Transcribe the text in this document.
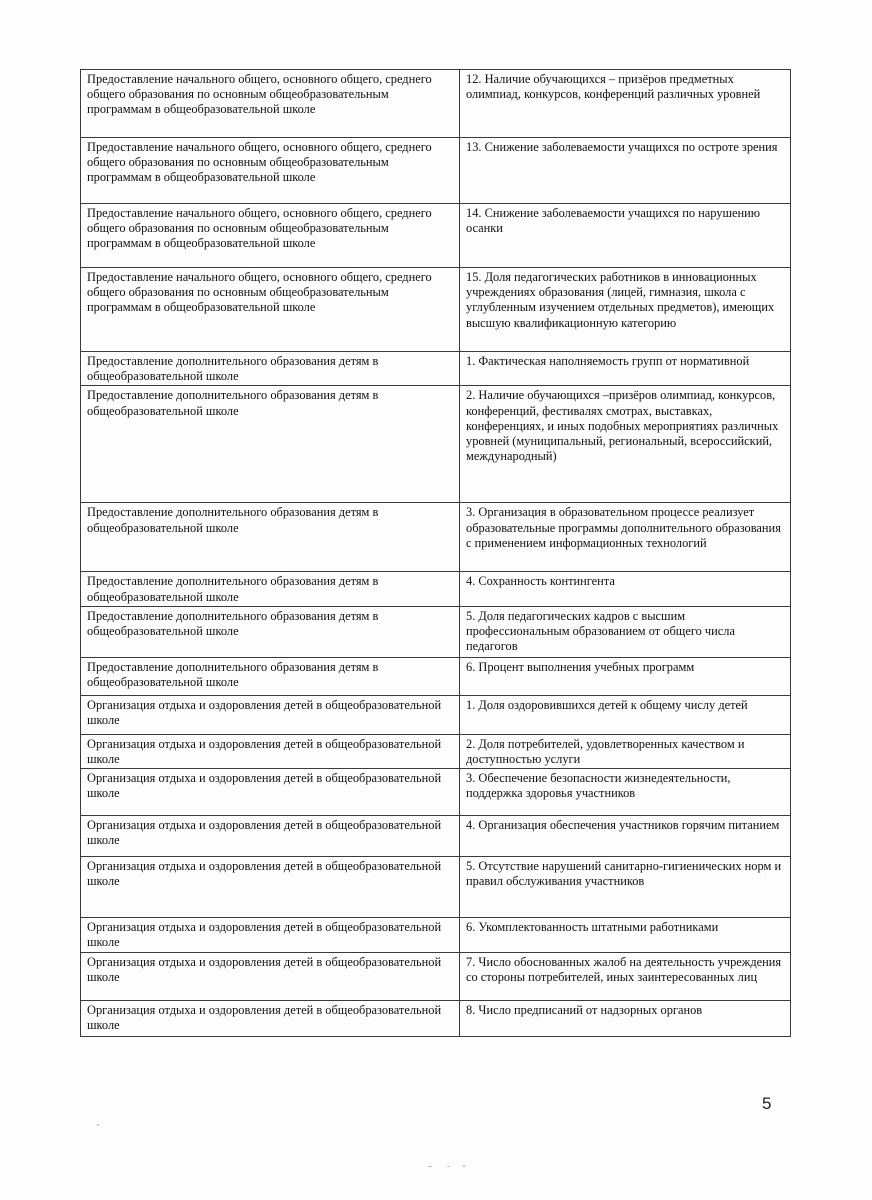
Предоставление начального общего, основного общего, среднего общего образования по основным общеобразовательным программам в общеобразовательной школе	12. Наличие обучающихся – призёров предметных олимпиад, конкурсов, конференций различных уровней
Предоставление начального общего, основного общего, среднего общего образования по основным общеобразовательным программам в общеобразовательной школе	13. Снижение заболеваемости учащихся по остроте зрения
Предоставление начального общего, основного общего, среднего общего образования по основным общеобразовательным программам в общеобразовательной школе	14. Снижение заболеваемости учащихся по нарушению осанки
Предоставление начального общего, основного общего, среднего общего образования по основным общеобразовательным программам в общеобразовательной школе	15. Доля педагогических работников в инновационных учреждениях образования (лицей, гимназия, школа с углубленным изучением отдельных предметов), имеющих высшую квалификационную категорию
Предоставление дополнительного образования детям в общеобразовательной школе	1. Фактическая наполняемость групп от нормативной
Предоставление дополнительного образования детям в общеобразовательной школе	2. Наличие обучающихся –призёров олимпиад, конкурсов, конференций, фестивалях смотрах, выставках, конференциях, и иных подобных мероприятиях различных уровней (муниципальный, региональный, всероссийский, международный)
Предоставление дополнительного образования детям в общеобразовательной школе	3. Организация в образовательном процессе реализует образовательные программы дополнительного образования с применением информационных технологий
Предоставление дополнительного образования детям в общеобразовательной школе	4. Сохранность контингента
Предоставление дополнительного образования детям в общеобразовательной школе	5. Доля педагогических кадров с высшим профессиональным образованием от общего числа педагогов
Предоставление дополнительного образования детям в общеобразовательной школе	6. Процент выполнения учебных программ
Организация отдыха и оздоровления детей в общеобразовательной школе	1. Доля оздоровившихся детей к общему числу детей
Организация отдыха и оздоровления детей в общеобразовательной школе	2. Доля потребителей, удовлетворенных качеством и доступностью услуги
Организация отдыха и оздоровления детей в общеобразовательной школе	3. Обеспечение безопасности жизнедеятельности, поддержка здоровья участников
Организация отдыха и оздоровления детей в общеобразовательной школе	4. Организация обеспечения участников горячим питанием
Организация отдыха и оздоровления детей в общеобразовательной школе	5. Отсутствие нарушений санитарно-гигиенических норм и правил обслуживания участников
Организация отдыха и оздоровления детей в общеобразовательной школе	6. Укомплектованность штатными работниками
Организация отдыха и оздоровления детей в общеобразовательной школе	7. Число обоснованных жалоб на деятельность учреждения со стороны потребителей, иных заинтересованных лиц
Организация отдыха и оздоровления детей в общеобразовательной школе	8. Число предписаний от надзорных органов
5
